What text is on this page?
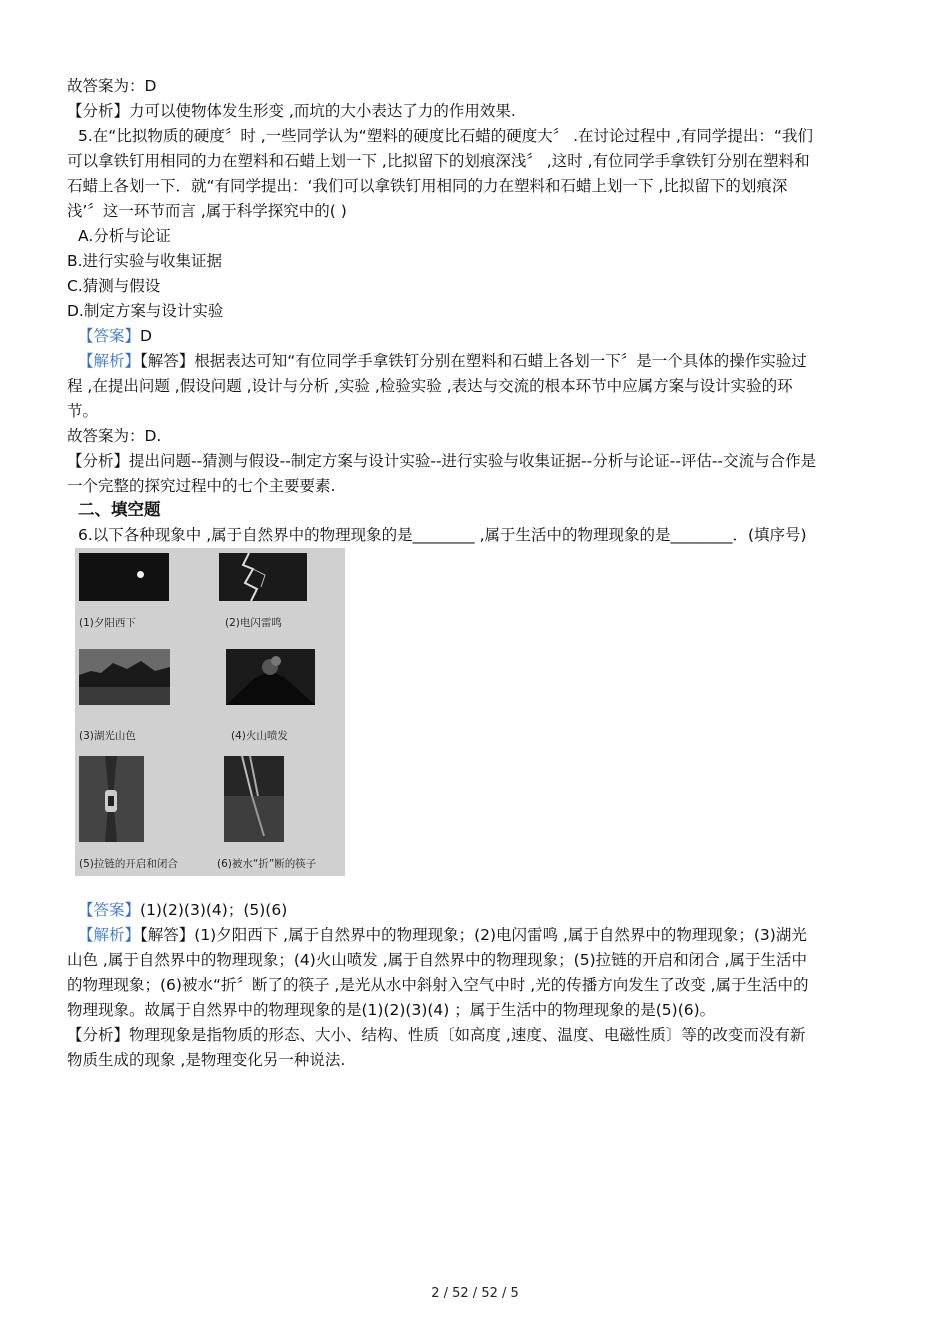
故答案为：D
【分析】力可以使物体发生形变 ,而坑的大小表达了力的作用效果.
5.在“比拟物质的硬度〞时 ,一些同学认为“塑料的硬度比石蜡的硬度大〞 .在讨论过程中 ,有同学提出：“我们
可以拿铁钉用相同的力在塑料和石蜡上划一下 ,比拟留下的划痕深浅〞 ,这时 ,有位同学手拿铁钉分别在塑料和
石蜡上各划一下．就“有同学提出：‘我们可以拿铁钉用相同的力在塑料和石蜡上划一下 ,比拟留下的划痕深
浅’〞这一环节而言 ,属于科学探究中的( )
A.分析与论证
B.进行实验与收集证据
C.猜测与假设
D.制定方案与设计实验
【答案】D
【解析】【解答】根据表达可知“有位同学手拿铁钉分别在塑料和石蜡上各划一下〞是一个具体的操作实验过
程 ,在提出问题 ,假设问题 ,设计与分析 ,实验 ,检验实验 ,表达与交流的根本环节中应属方案与设计实验的环
节。
故答案为：D.
【分析】提出问题--猜测与假设--制定方案与设计实验--进行实验与收集证据--分析与论证--评估--交流与合作是
一个完整的探究过程中的七个主要要素.
二、填空题
6.以下各种现象中 ,属于自然界中的物理现象的是________ ,属于生活中的物理现象的是________．(填序号)
(1)夕阳西下	(2)电闪雷鸣
(3)湖光山色	(4)火山喷发
(5)拉链的开启和闭合	(6)被水“折”断的筷子
【答案】(1)(2)(3)(4)；(5)(6)
【解析】【解答】(1)夕阳西下 ,属于自然界中的物理现象；(2)电闪雷鸣 ,属于自然界中的物理现象；(3)湖光
山色 ,属于自然界中的物理现象；(4)火山喷发 ,属于自然界中的物理现象；(5)拉链的开启和闭合 ,属于生活中
的物理现象；(6)被水“折〞断了的筷子 ,是光从水中斜射入空气中时 ,光的传播方向发生了改变 ,属于生活中的
物理现象。故属于自然界中的物理现象的是(1)(2)(3)(4) ；属于生活中的物理现象的是(5)(6)。
【分析】物理现象是指物质的形态、大小、结构、性质〔如高度 ,速度、温度、电磁性质〕等的改变而没有新
物质生成的现象 ,是物理变化另一种说法.
2 / 52 / 52 / 5
